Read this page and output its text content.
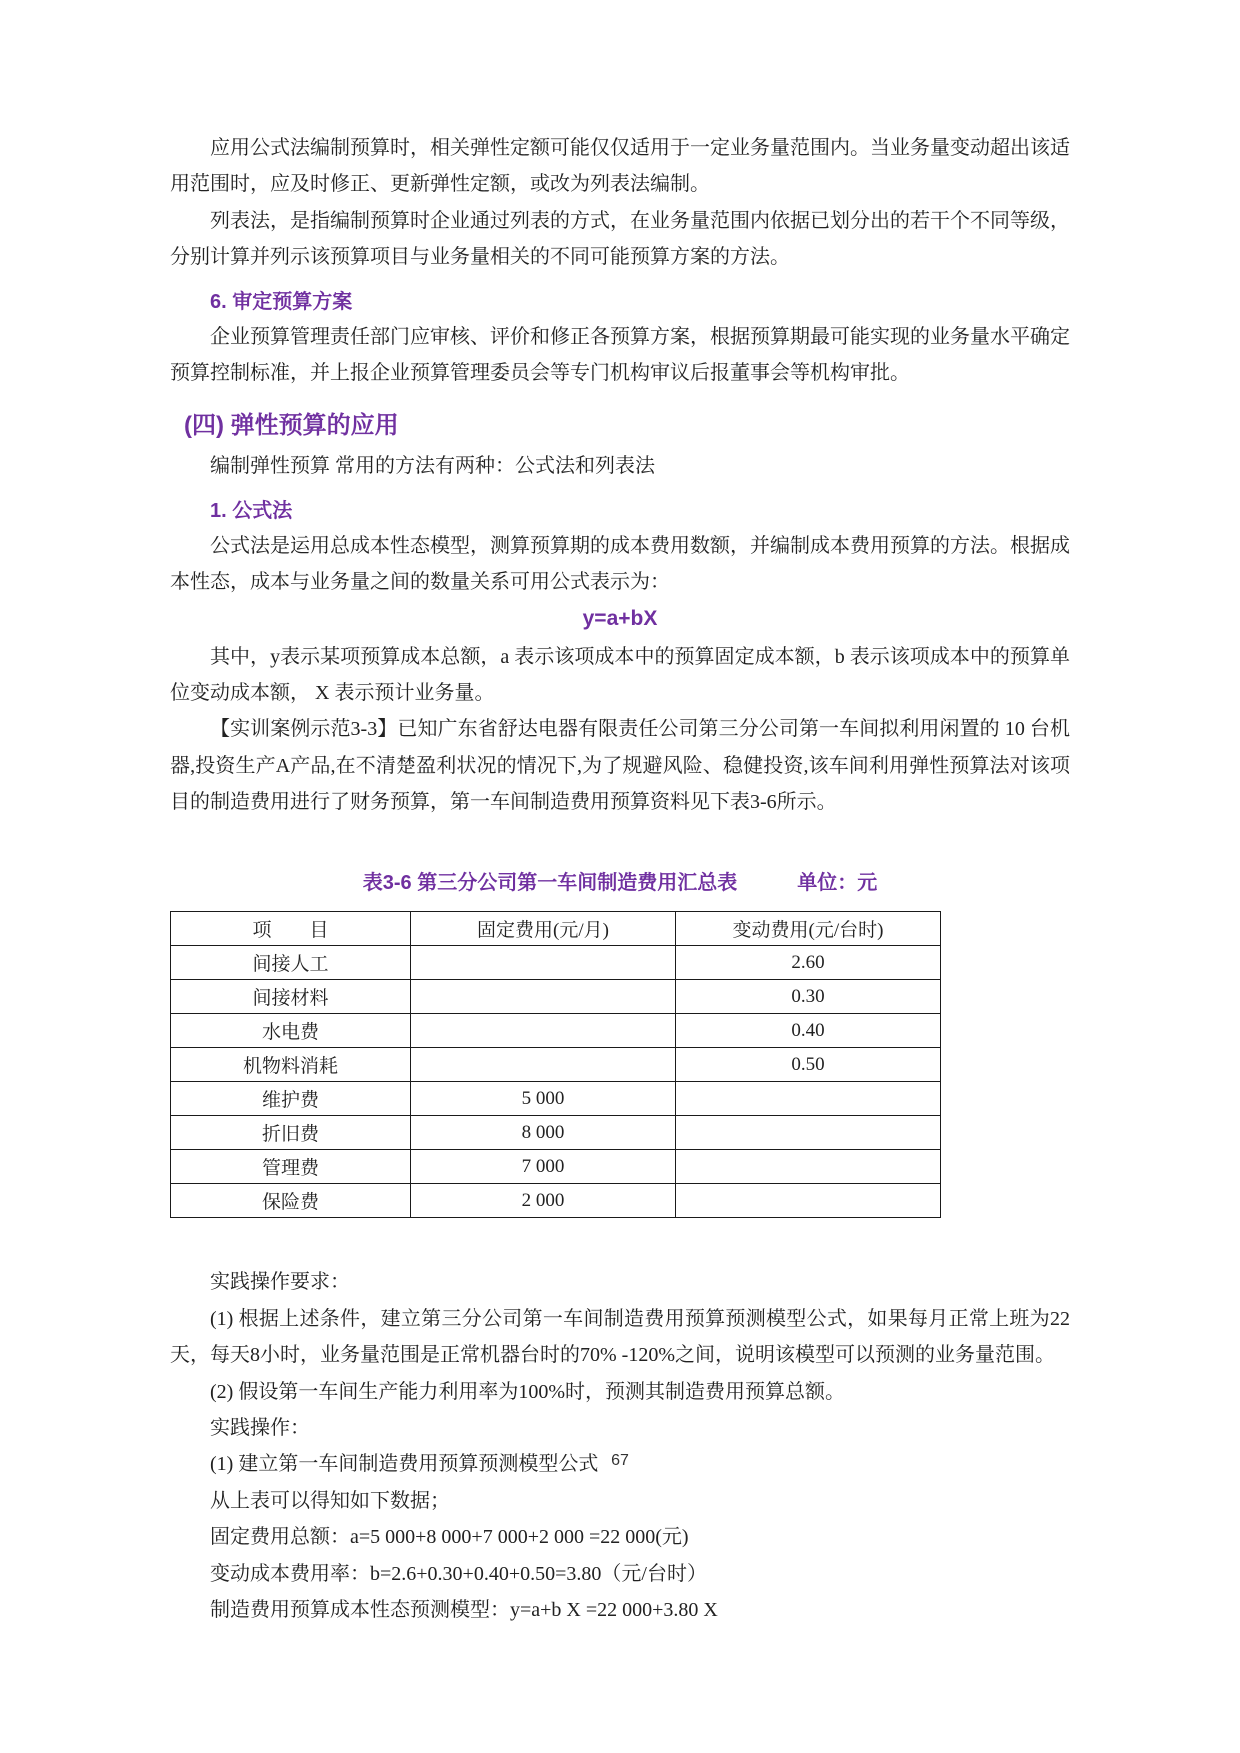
应用公式法编制预算时，相关弹性定额可能仅仅适用于一定业务量范围内。当业务量变动超出该适用范围时，应及时修正、更新弹性定额，或改为列表法编制。

列表法，是指编制预算时企业通过列表的方式，在业务量范围内依据已划分出的若干个不同等级，分别计算并列示该预算项目与业务量相关的不同可能预算方案的方法。

6. 审定预算方案

企业预算管理责任部门应审核、评价和修正各预算方案，根据预算期最可能实现的业务量水平确定预算控制标准，并上报企业预算管理委员会等专门机构审议后报董事会等机构审批。

(四) 弹性预算的应用

编制弹性预算 常用的方法有两种：公式法和列表法

1. 公式法

公式法是运用总成本性态模型，测算预算期的成本费用数额，并编制成本费用预算的方法。根据成本性态，成本与业务量之间的数量关系可用公式表示为：

y=a+bX

其中，y表示某项预算成本总额，a 表示该项成本中的预算固定成本额，b 表示该项成本中的预算单位变动成本额， X 表示预计业务量。

【实训案例示范3-3】已知广东省舒达电器有限责任公司第三分公司第一车间拟利用闲置的 10 台机器,投资生产A产品,在不清楚盈利状况的情况下,为了规避风险、稳健投资,该车间利用弹性预算法对该项目的制造费用进行了财务预算，第一车间制造费用预算资料见下表3-6所示。

表3-6 第三分公司第一车间制造费用汇总表	单位：元
项　　目	固定费用(元/月)	变动费用(元/台时)
间接人工		2.60
间接材料		0.30
水电费		0.40
机物料消耗		0.50
维护费	5 000	
折旧费	8 000	
管理费	7 000	
保险费	2 000	

实践操作要求：

(1) 根据上述条件，建立第三分公司第一车间制造费用预算预测模型公式，如果每月正常上班为22天，每天8小时，业务量范围是正常机器台时的70% -120%之间，说明该模型可以预测的业务量范围。

(2) 假设第一车间生产能力利用率为100%时，预测其制造费用预算总额。

实践操作：

(1) 建立第一车间制造费用预算预测模型公式

从上表可以得知如下数据；

固定费用总额：a=5 000+8 000+7 000+2 000 =22 000(元)

变动成本费用率：b=2.6+0.30+0.40+0.50=3.80（元/台时）

制造费用预算成本性态预测模型：y=a+b X =22 000+3.80 X

67
